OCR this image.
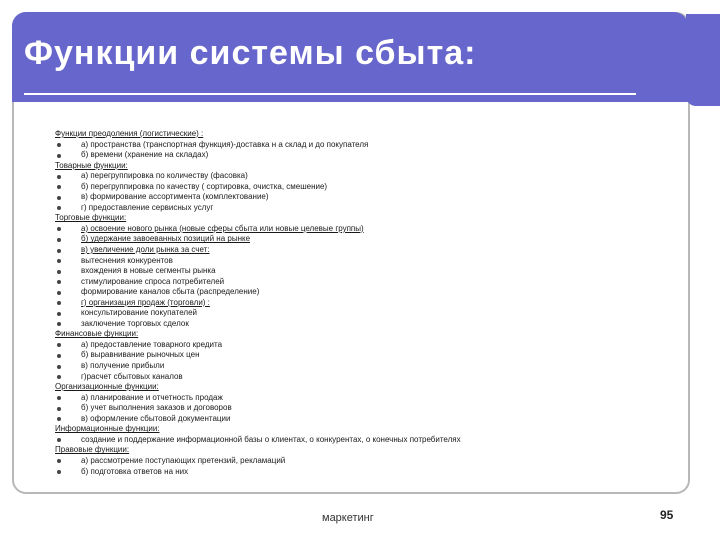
Функции системы сбыта:
Функции преодоления (логистические) :
а) пространства (транспортная функция)-доставка н а склад и до покупателя
б) времени (хранение на складах)
Товарные функции:
а) перегруппировка по количеству (фасовка)
б) перегруппировка по качеству ( сортировка, очистка, смешение)
в) формирование ассортимента (комплектование)
г) предоставление сервисных услуг
Торговые функции:
а) освоение нового рынка (новые сферы сбыта или новые целевые группы)
б) удержание завоеванных позиций на рынке
в) увеличение доли рынка за счет:
вытеснения конкурентов
вхождения в новые сегменты рынка
стимулирование спроса потребителей
формирование каналов сбыта (распределение)
г) организация продаж (торговли) :
консультирование покупателей
заключение торговых сделок
Финансовые функции:
а) предоставление товарного кредита
б) выравнивание рыночных цен
в) получение прибыли
г)расчет сбытовых каналов
Организационные функции:
а) планирование и отчетность продаж
б) учет выполнения заказов и договоров
в) оформление сбытовой документации
Информационные функции:
создание и поддержание информационной базы о клиентах, о конкурентах, о конечных потребителях
Правовые функции:
а) рассмотрение поступающих претензий, рекламаций
б) подготовка ответов на них
маркетинг	95
